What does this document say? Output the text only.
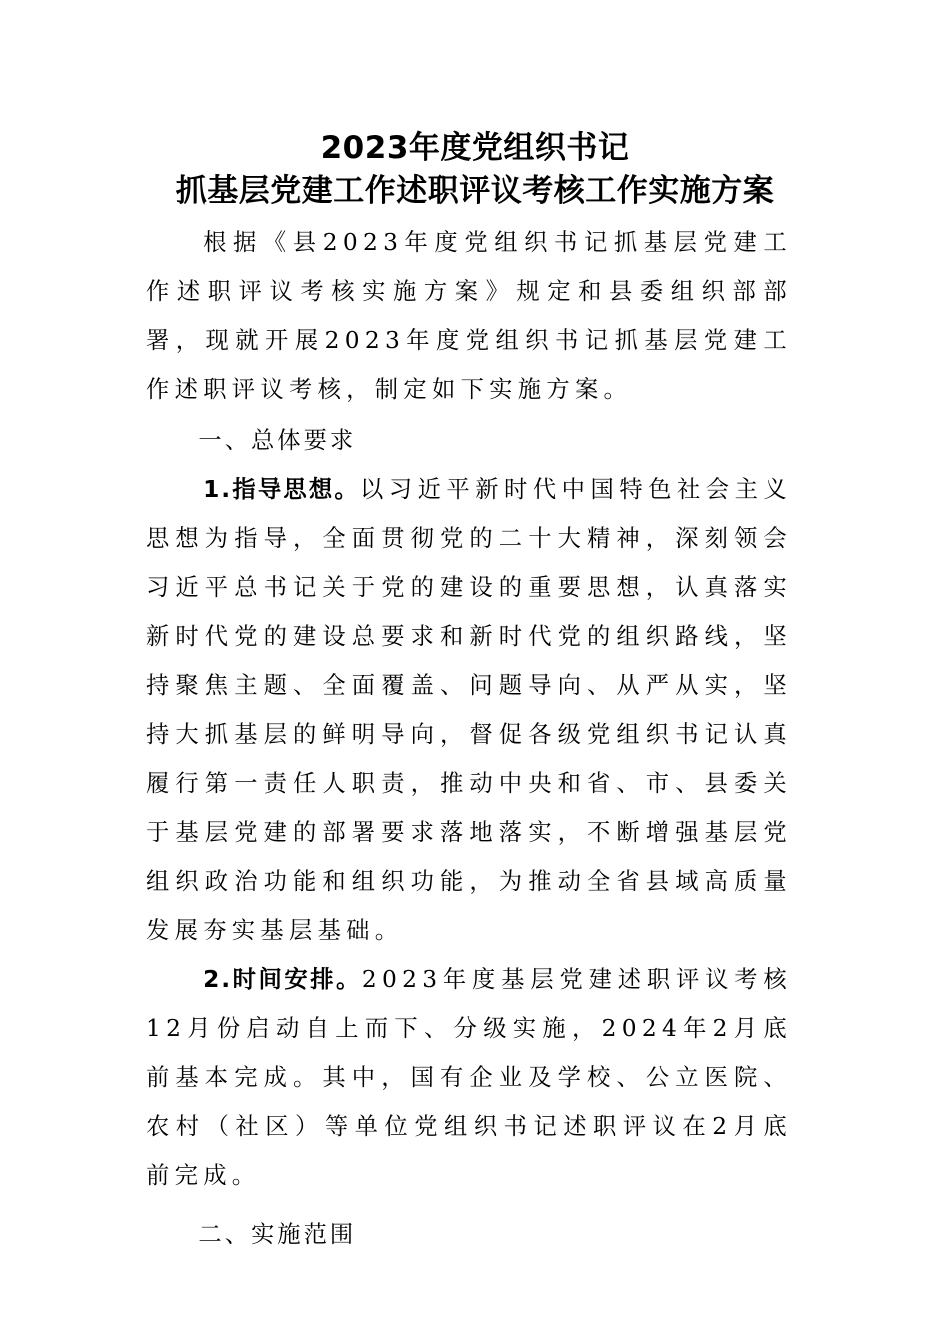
2023年度党组织书记
抓基层党建工作述职评议考核工作实施方案

根据《县2023年度党组织书记抓基层党建工作述职评议考核实施方案》规定和县委组织部部署，现就开展2023年度党组织书记抓基层党建工作述职评议考核，制定如下实施方案。

一、总体要求

1.指导思想。以习近平新时代中国特色社会主义思想为指导，全面贯彻党的二十大精神，深刻领会习近平总书记关于党的建设的重要思想，认真落实新时代党的建设总要求和新时代党的组织路线，坚持聚焦主题、全面覆盖、问题导向、从严从实，坚持大抓基层的鲜明导向，督促各级党组织书记认真履行第一责任人职责，推动中央和省、市、县委关于基层党建的部署要求落地落实，不断增强基层党组织政治功能和组织功能，为推动全省县域高质量发展夯实基层基础。

2.时间安排。2023年度基层党建述职评议考核12月份启动自上而下、分级实施，2024年2月底前基本完成。其中，国有企业及学校、公立医院、农村（社区）等单位党组织书记述职评议在2月底前完成。

二、实施范围
